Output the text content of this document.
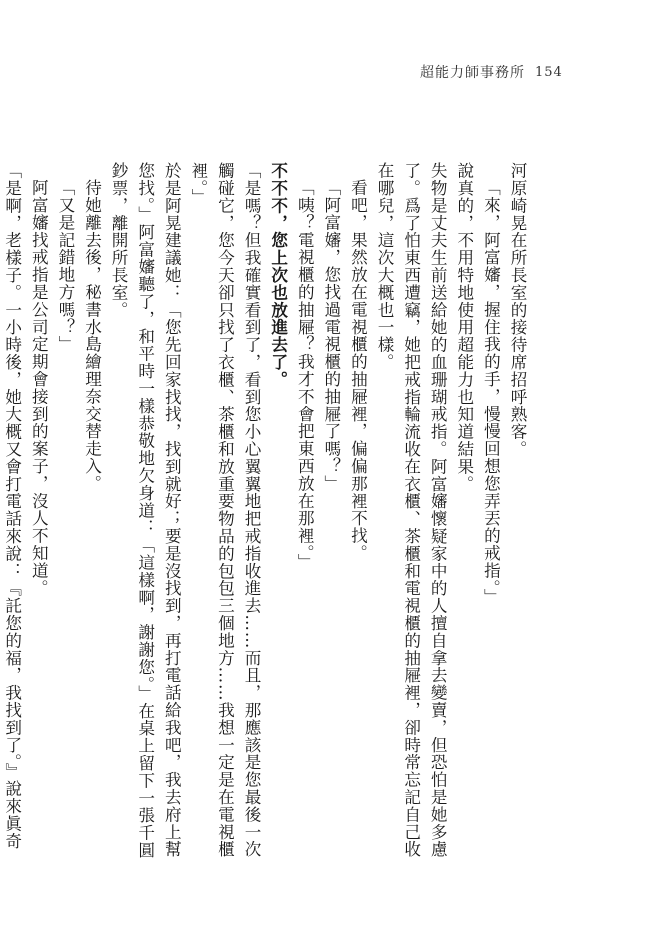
超能力師事務所 154

河原崎晃在所長室的接待席招呼熟客。

「來，阿富嬸，握住我的手，慢慢回想您弄丟的戒指。」

說真的，不用特地使用超能力也知道結果。

失物是丈夫生前送給她的血珊瑚戒指。阿富嬸懷疑家中的人擅自拿去變賣，但恐怕是她多慮了。爲了怕東西遭竊，她把戒指輪流收在衣櫃、茶櫃和電視櫃的抽屜裡，卻時常忘記自己收在哪兒，這次大概也一樣。

看吧，果然放在電視櫃的抽屜裡，偏偏那裡不找。

「阿富嬸，您找過電視櫃的抽屜了嗎？」

「咦？電視櫃的抽屜？我才不會把東西放在那裡。」

不不不，您上次也放進去了。

「是嗎？但我確實看到了，看到您小心翼翼地把戒指收進去……而且，那應該是您最後一次觸碰它，您今天卻只找了衣櫃、茶櫃和放重要物品的包包三個地方……我想一定是在電視櫃裡。」

於是阿晃建議她：「您先回家找找，找到就好；要是沒找到，再打電話給我吧，我去府上幫您找。」阿富嬸聽了，和平時一樣恭敬地欠身道：「這樣啊，謝謝您。」在桌上留下一張千圓鈔票，離開所長室。

待她離去後，秘書水島繪理奈交替走入。

「又是記錯地方嗎？」

阿富嬸找戒指是公司定期會接到的案子，沒人不知道。

「是啊，老樣子。一小時後，她大概又會打電話來說：『託您的福，我找到了。』說來眞奇
